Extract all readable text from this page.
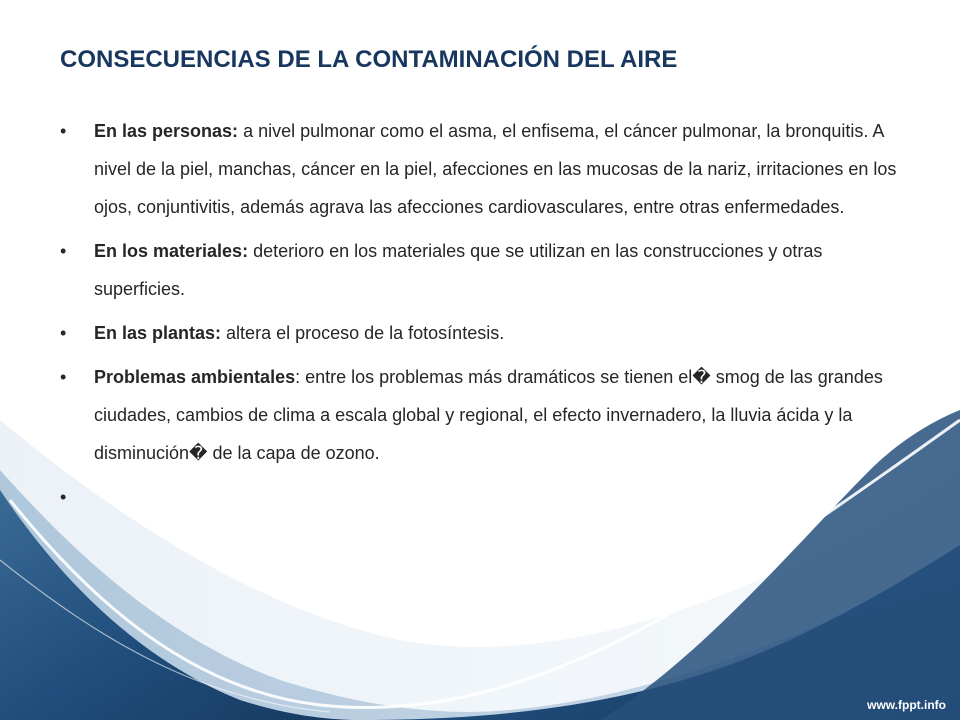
CONSECUENCIAS DE LA CONTAMINACIÓN DEL AIRE
•	En las personas: a nivel pulmonar como el asma, el enfisema, el cáncer pulmonar, la bronquitis. A nivel de la piel, manchas, cáncer en la piel, afecciones en las mucosas de la nariz, irritaciones en los ojos, conjuntivitis, además agrava las afecciones cardiovasculares, entre otras enfermedades.
•	En los materiales: deterioro en los materiales que se utilizan en las construcciones y otras superficies.
•	En las plantas: altera el proceso de la fotosíntesis.
•	Problemas ambientales: entre los problemas más dramáticos se tienen el� smog de las grandes ciudades, cambios de clima a escala global y regional, el efecto invernadero, la lluvia ácida y la disminución� de la capa de ozono.
•
www.fppt.info
